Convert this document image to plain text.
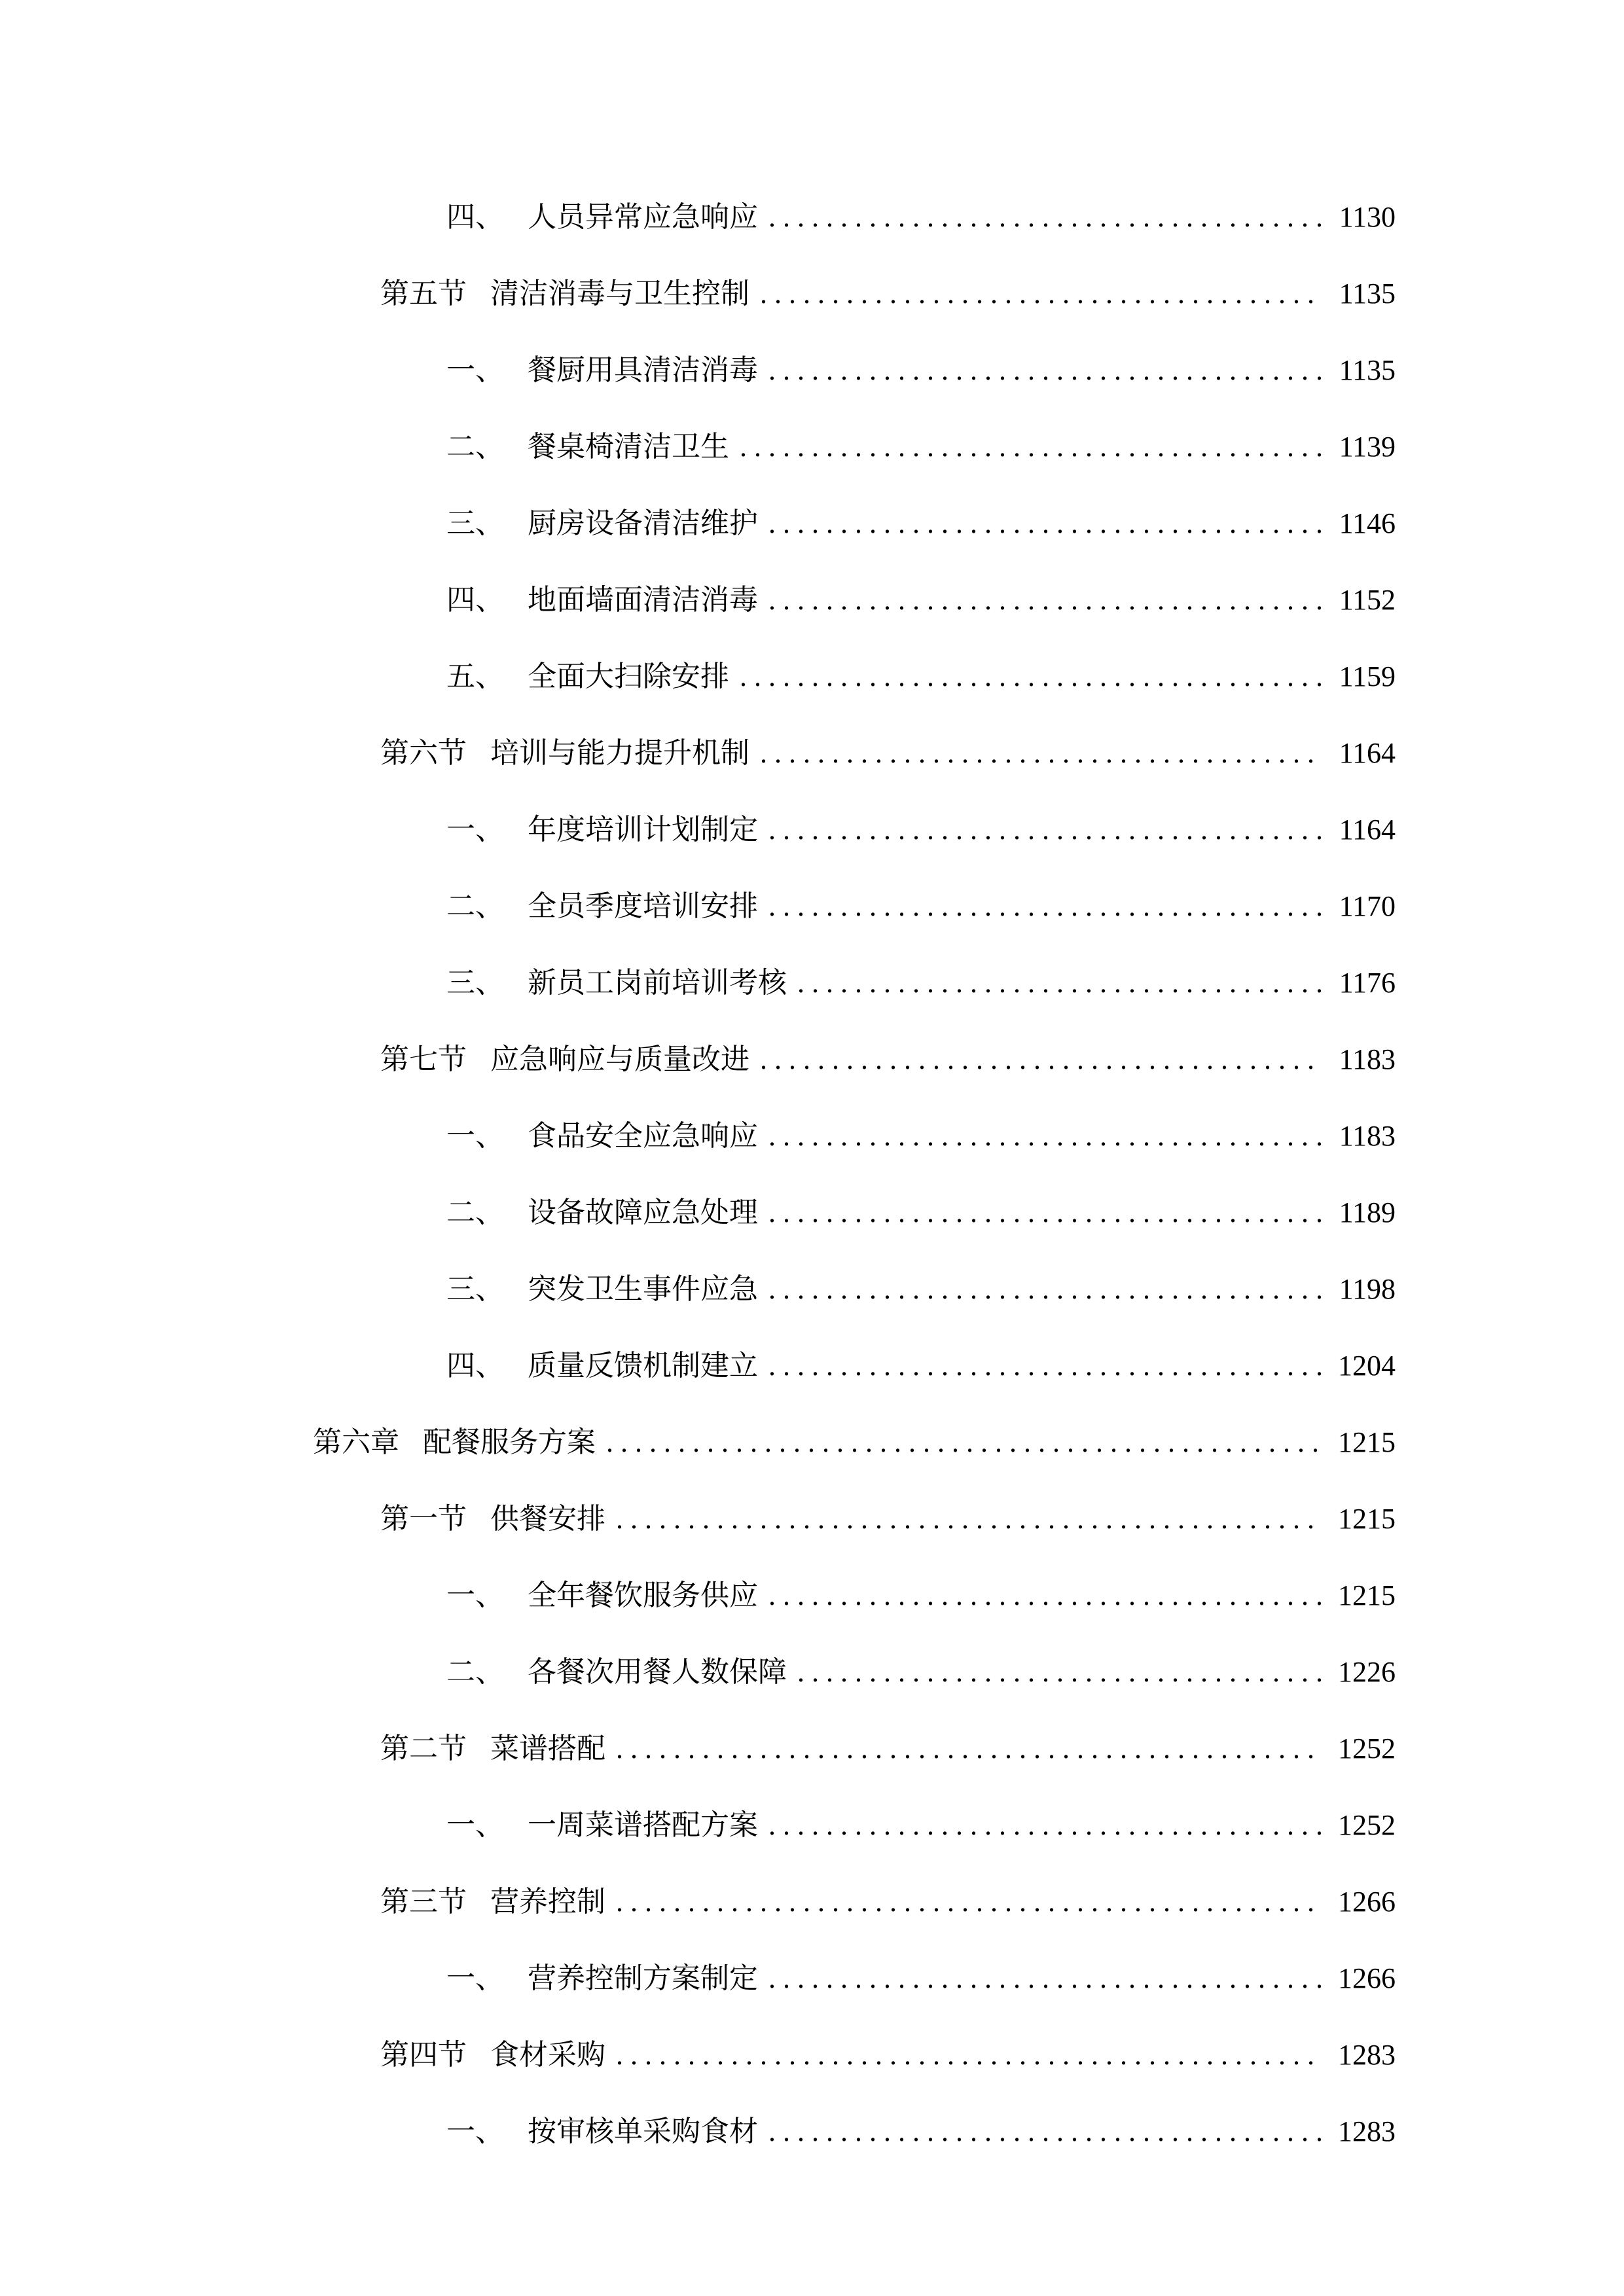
四、 人员异常应急响应 . . .	1130
第五节 清洁消毒与卫生控制 . . .	1135
一、 餐厨用具清洁消毒 . . .	1135
二、 餐桌椅清洁卫生 . . .	1139
三、 厨房设备清洁维护 . . .	1146
四、 地面墙面清洁消毒 . . .	1152
五、 全面大扫除安排 . . .	1159
第六节 培训与能力提升机制 . . .	1164
一、 年度培训计划制定 . . .	1164
二、 全员季度培训安排 . . .	1170
三、 新员工岗前培训考核 . . .	1176
第七节 应急响应与质量改进 . . .	1183
一、 食品安全应急响应 . . .	1183
二、 设备故障应急处理 . . .	1189
三、 突发卫生事件应急 . . .	1198
四、 质量反馈机制建立 . . .	1204
第六章 配餐服务方案 . . .	1215
第一节 供餐安排 . . .	1215
一、 全年餐饮服务供应 . . .	1215
二、 各餐次用餐人数保障 . . .	1226
第二节 菜谱搭配 . . .	1252
一、 一周菜谱搭配方案 . . .	1252
第三节 营养控制 . . .	1266
一、 营养控制方案制定 . . .	1266
第四节 食材采购 . . .	1283
一、 按审核单采购食材 . . .	1283
